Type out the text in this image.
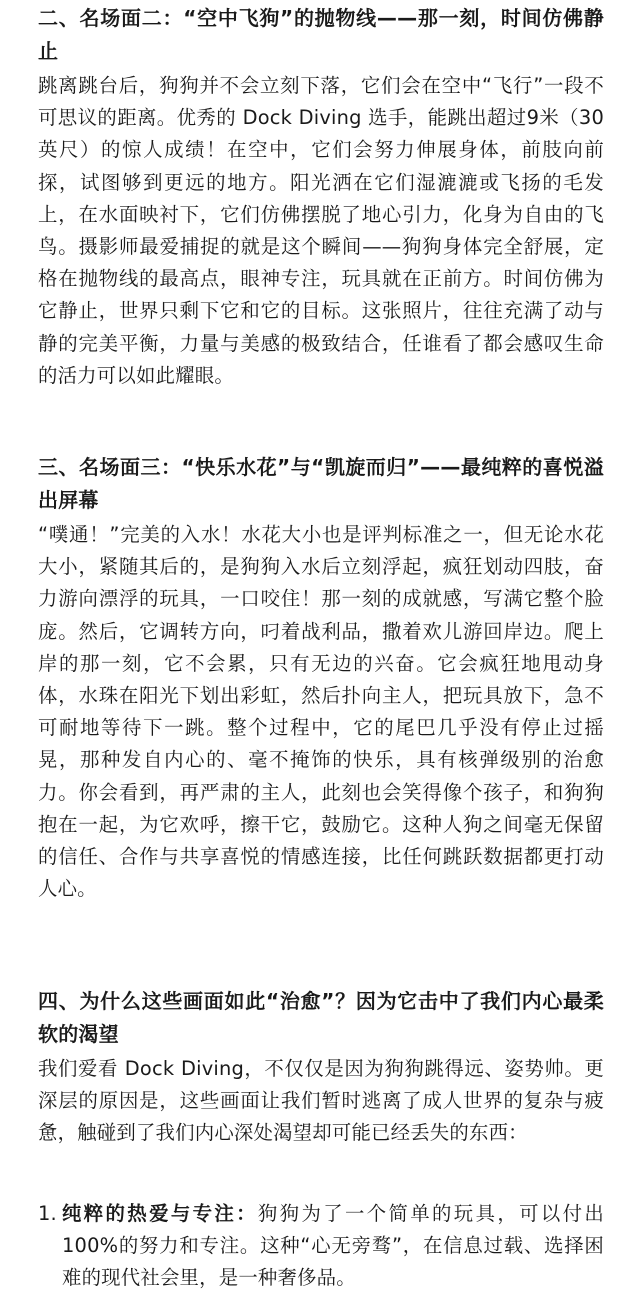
二、名场面二：“空中飞狗”的抛物线——那一刻，时间仿佛静止

跳离跳台后，狗狗并不会立刻下落，它们会在空中“飞行”一段不可思议的距离。优秀的 Dock Diving 选手，能跳出超过9米（30英尺）的惊人成绩！在空中，它们会努力伸展身体，前肢向前探，试图够到更远的地方。阳光洒在它们湿漉漉或飞扬的毛发上，在水面映衬下，它们仿佛摆脱了地心引力，化身为自由的飞鸟。摄影师最爱捕捉的就是这个瞬间——狗狗身体完全舒展，定格在抛物线的最高点，眼神专注，玩具就在正前方。时间仿佛为它静止，世界只剩下它和它的目标。这张照片，往往充满了动与静的完美平衡，力量与美感的极致结合，任谁看了都会感叹生命的活力可以如此耀眼。

三、名场面三：“快乐水花”与“凯旋而归”——最纯粹的喜悦溢出屏幕

“噗通！”完美的入水！水花大小也是评判标准之一，但无论水花大小，紧随其后的，是狗狗入水后立刻浮起，疯狂划动四肢，奋力游向漂浮的玩具，一口咬住！那一刻的成就感，写满它整个脸庞。然后，它调转方向，叼着战利品，撒着欢儿游回岸边。爬上岸的那一刻，它不会累，只有无边的兴奋。它会疯狂地甩动身体，水珠在阳光下划出彩虹，然后扑向主人，把玩具放下，急不可耐地等待下一跳。整个过程中，它的尾巴几乎没有停止过摇晃，那种发自内心的、毫不掩饰的快乐，具有核弹级别的治愈力。你会看到，再严肃的主人，此刻也会笑得像个孩子，和狗狗抱在一起，为它欢呼，擦干它，鼓励它。这种人狗之间毫无保留的信任、合作与共享喜悦的情感连接，比任何跳跃数据都更打动人心。

四、为什么这些画面如此“治愈”？因为它击中了我们内心最柔软的渴望

我们爱看 Dock Diving，不仅仅是因为狗狗跳得远、姿势帅。更深层的原因是，这些画面让我们暂时逃离了成人世界的复杂与疲惫，触碰到了我们内心深处渴望却可能已经丢失的东西：

1. 纯粹的热爱与专注：狗狗为了一个简单的玩具，可以付出100%的努力和专注。这种“心无旁骛”，在信息过载、选择困难的现代社会里，是一种奢侈品。
